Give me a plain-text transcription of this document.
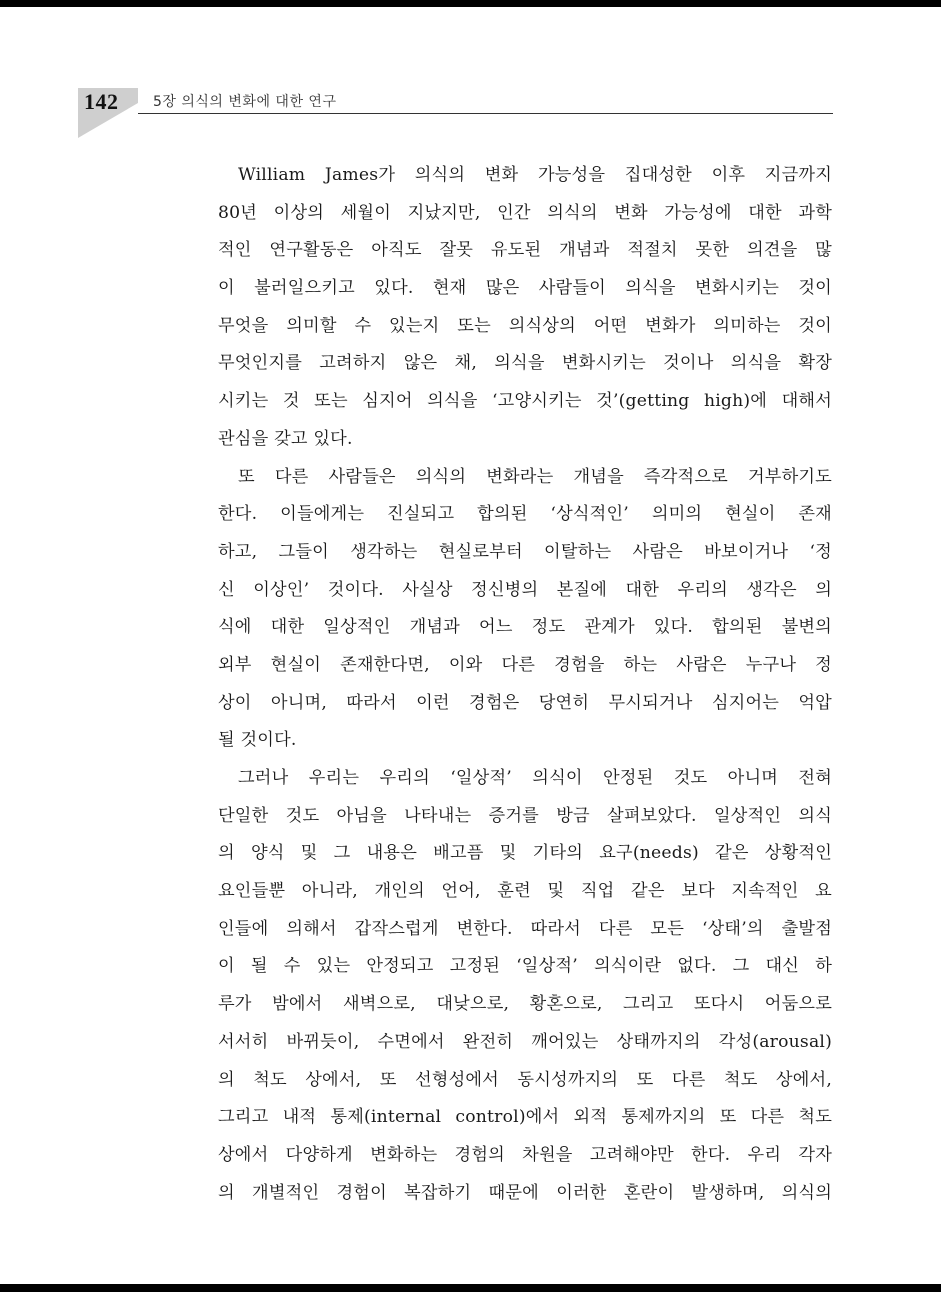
142 5장 의식의 변화에 대한 연구

William James가 의식의 변화 가능성을 집대성한 이후 지금까지
80년 이상의 세월이 지났지만, 인간 의식의 변화 가능성에 대한 과학
적인 연구활동은 아직도 잘못 유도된 개념과 적절치 못한 의견을 많
이 불러일으키고 있다. 현재 많은 사람들이 의식을 변화시키는 것이
무엇을 의미할 수 있는지 또는 의식상의 어떤 변화가 의미하는 것이
무엇인지를 고려하지 않은 채, 의식을 변화시키는 것이나 의식을 확장
시키는 것 또는 심지어 의식을 ‘고양시키는 것’(getting high)에 대해서
관심을 갖고 있다.

또 다른 사람들은 의식의 변화라는 개념을 즉각적으로 거부하기도
한다. 이들에게는 진실되고 합의된 ‘상식적인’ 의미의 현실이 존재
하고, 그들이 생각하는 현실로부터 이탈하는 사람은 바보이거나 ‘정
신 이상인’ 것이다. 사실상 정신병의 본질에 대한 우리의 생각은 의
식에 대한 일상적인 개념과 어느 정도 관계가 있다. 합의된 불변의
외부 현실이 존재한다면, 이와 다른 경험을 하는 사람은 누구나 정
상이 아니며, 따라서 이런 경험은 당연히 무시되거나 심지어는 억압
될 것이다.

그러나 우리는 우리의 ‘일상적’ 의식이 안정된 것도 아니며 전혀
단일한 것도 아님을 나타내는 증거를 방금 살펴보았다. 일상적인 의식
의 양식 및 그 내용은 배고픔 및 기타의 요구(needs) 같은 상황적인
요인들뿐 아니라, 개인의 언어, 훈련 및 직업 같은 보다 지속적인 요
인들에 의해서 갑작스럽게 변한다. 따라서 다른 모든 ‘상태’의 출발점
이 될 수 있는 안정되고 고정된 ‘일상적’ 의식이란 없다. 그 대신 하
루가 밤에서 새벽으로, 대낮으로, 황혼으로, 그리고 또다시 어둠으로
서서히 바뀌듯이, 수면에서 완전히 깨어있는 상태까지의 각성(arousal)
의 척도 상에서, 또 선형성에서 동시성까지의 또 다른 척도 상에서,
그리고 내적 통제(internal control)에서 외적 통제까지의 또 다른 척도
상에서 다양하게 변화하는 경험의 차원을 고려해야만 한다. 우리 각자
의 개별적인 경험이 복잡하기 때문에 이러한 혼란이 발생하며, 의식의
